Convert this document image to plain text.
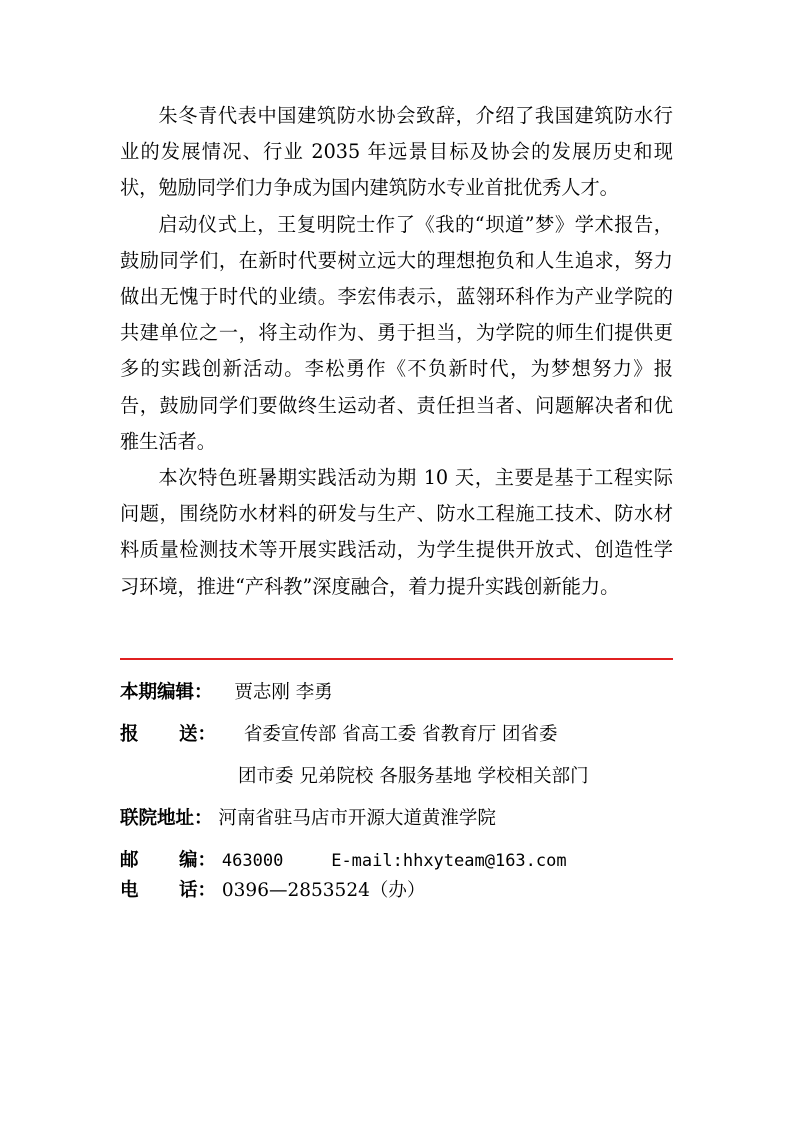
朱冬青代表中国建筑防水协会致辞，介绍了我国建筑防水行业的发展情况、行业 2035 年远景目标及协会的发展历史和现状，勉励同学们力争成为国内建筑防水专业首批优秀人才。

启动仪式上，王复明院士作了《我的“坝道”梦》学术报告，鼓励同学们，在新时代要树立远大的理想抱负和人生追求，努力做出无愧于时代的业绩。李宏伟表示，蓝翎环科作为产业学院的共建单位之一，将主动作为、勇于担当，为学院的师生们提供更多的实践创新活动。李松勇作《不负新时代，为梦想努力》报告，鼓励同学们要做终生运动者、责任担当者、问题解决者和优雅生活者。

本次特色班暑期实践活动为期 10 天，主要是基于工程实际问题，围绕防水材料的研发与生产、防水工程施工技术、防水材料质量检测技术等开展实践活动，为学生提供开放式、创造性学习环境，推进“产科教”深度融合，着力提升实践创新能力。

本期编辑： 贾志刚 李勇
报 送： 省委宣传部 省高工委 省教育厅 团省委
团市委 兄弟院校 各服务基地 学校相关部门
联院地址： 河南省驻马店市开源大道黄淮学院
邮 编： 463000	E-mail:hhxyteam@163.com
电 话： 0396—2853524（办）
